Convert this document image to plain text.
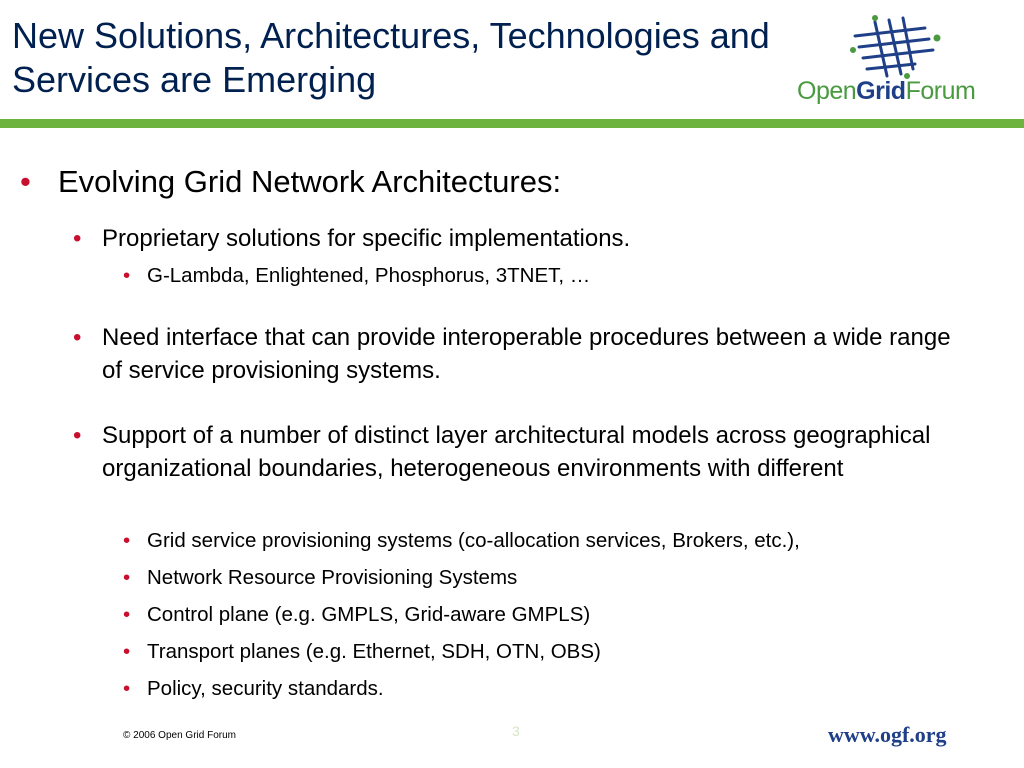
New Solutions, Architectures, Technologies and
Services are Emerging	OpenGridForum
• Evolving Grid Network Architectures:
• Proprietary solutions for specific implementations.
• G-Lambda, Enlightened, Phosphorus, 3TNET, …
• Need interface that can provide interoperable procedures between a wide range of service provisioning systems.
• Support of a number of distinct layer architectural models across geographical organizational boundaries, heterogeneous environments with different
• Grid service provisioning systems (co-allocation services, Brokers, etc.),
• Network Resource Provisioning Systems
• Control plane (e.g. GMPLS, Grid-aware GMPLS)
• Transport planes (e.g. Ethernet, SDH, OTN, OBS)
• Policy, security standards.
© 2006 Open Grid Forum	3	www.ogf.org
